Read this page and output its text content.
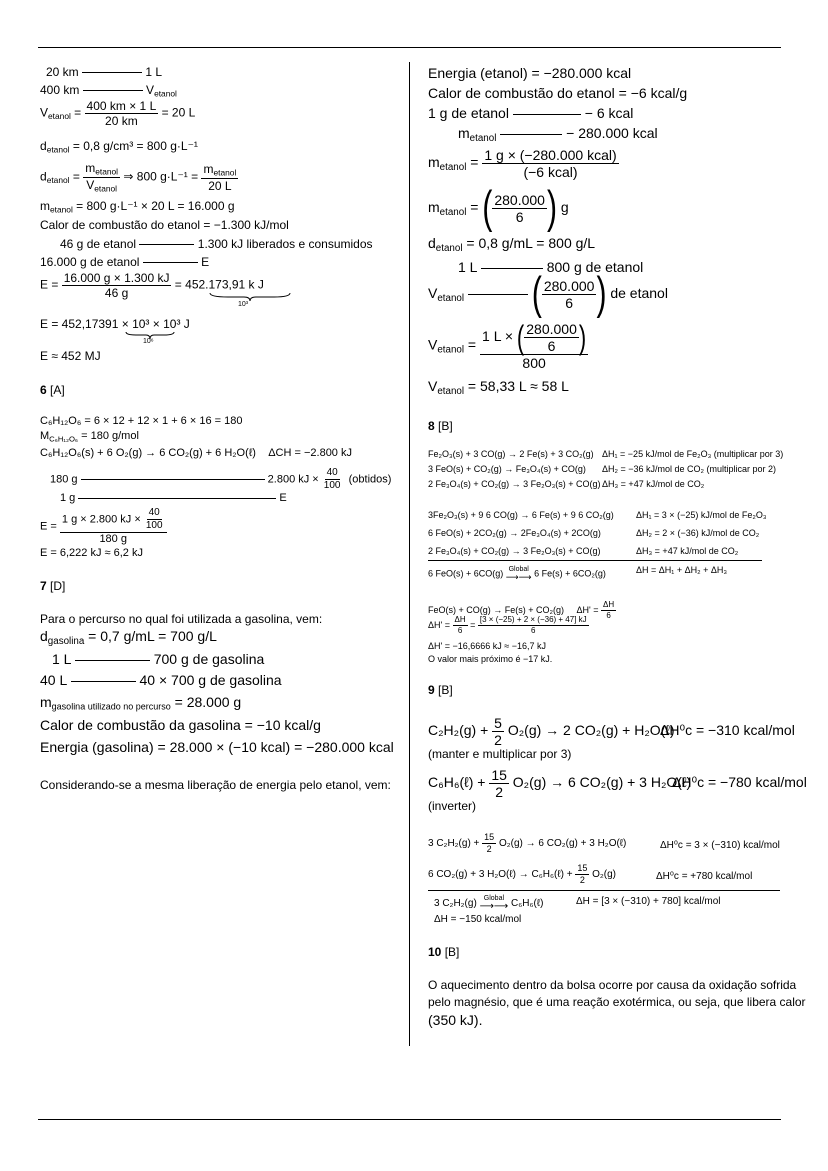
20 km	1 L
400 km	$V_{etanol}$
$V_{etanol} = \frac{400 km \times 1 L}{20 km} = 20$ L
$d_{etanol} = 0,8$ g/cm³ = 800 g·L⁻¹
$d_{etanol} = \frac{m_{etanol}}{V_{etanol}}$ ⇒ 800 $g\cdot L^{-1} = \frac{m_{etanol}}{20 L}$
$m_{etanol} = 800$ g·L⁻¹ × 20 L = 16.000 g
Calor de combustão do etanol = −1.300 kJ/mol
46 g de etanol	1.300 kJ liberados e consumidos
16.000 g de etanol	E
$E = \frac{16.000 g \times 1.300 kJ}{46 g} = 452.173,91$ k J
10³
E = 452,17391 × 10³ × 10³ J
10⁶
E ≈ 452 MJ
6 [A]
C₆H₁₂O₆ = 6 × 12 + 12 × 1 + 6 × 16 = 180
$M_{C_6H_{12}O_6} = 180$ g/mol
C₆H₁₂O₆(s) + 6 O₂(g) → 6 CO₂(g) + 6 H₂O(ℓ) ΔCH = −2.800 kJ
180 g	2.800 kJ × $\frac{40}{100}$ (obtidos)
1 g	E
$E = \frac{1 g \times 2.800 kJ \times \frac{40}{100}}{180 g}$
E = 6,222 kJ ≈ 6,2 kJ
7 [D]
Para o percurso no qual foi utilizada a gasolina, vem:
$d_{gasolina} = 0,7$ g/mL = 700 g/L
1 L	700 g de gasolina
40 L	40 × 700 g de gasolina
$m_{gasolina utilizado no percurso} = 28.000$ g
Calor de combustão da gasolina = −10 kcal/g
Energia (gasolina) = 28.000 × (−10 kcal) = −280.000 kcal
Considerando-se a mesma liberação de energia pelo etanol, vem:
Energia (etanol) = −280.000 kcal
Calor de combustão do etanol = −6 kcal/g
1 g de etanol	− 6 kcal
$m_{etanol}$	− 280.000 kcal
$m_{etanol} = \frac{\text{1 g × (−280.000 kcal)}}{\text{(−6 kcal)}}$
$m_{etanol}$ = ( $\frac{280.000}{6}$ ) g
$d_{etanol} = 0,8$ g/mL = 800 g/L
1 L	800 g de etanol
$V_{etanol}$ ( $\frac{280.000}{6}$ ) de etanol
$V_{etanol} = \frac{1 L \times ( \frac{280.000}{6} )}{800}$
$V_{etanol} = 58,33$ L ≈ 58 L
8 [B]
Fe₂O₃(s) + 3 CO(g) → 2 Fe(s) + 3 CO₂(g) ΔH₁ = −25 kJ/mol de Fe₂O₃ (multiplicar por 3)
3 FeO(s) + CO₂(g) → Fe₃O₄(s) + CO(g) ΔH₂ = −36 kJ/mol de CO₂ (multiplicar por 2)
2 Fe₃O₄(s) + CO₂(g) → 3 Fe₂O₃(s) + CO(g) ΔH₃ = +47 kJ/mol de CO₂
3Fe₂O₃(s) + 9 6 CO(g) → 6 Fe(s) + 9 6 CO₂(g) ΔH₁ = 3 × (−25) kJ/mol de Fe₂O₃
6 FeO(s) + 2CO₂(g) → 2Fe₃O₄(s) + 2CO(g)	ΔH₂ = 2 × (−36) kJ/mol de CO₂
2 Fe₃O₄(s) + CO₂(g) → 3 Fe₂O₃(s) + CO(g)	ΔH₃ = +47 kJ/mol de CO₂
6 FeO(s) + 6CO(g) Global
⟶⟶ 6 Fe(s) + 6CO₂(g)	ΔH = ΔH₁ + ΔH₂ + ΔH₃
FeO(s) + CO(g) → Fe(s) + CO₂(g) $\Delta H' = \frac{\Delta H}{6}$
$\Delta H' = \frac{\Delta H}{6} = \frac{[3 \times (-25) + 2 \times (-36) + 47] kJ}{6}$
ΔH' = −16,6666 kJ ≈ −16,7 kJ
O valor mais próximo é −17 kJ.
9 [B]
$C_2H_2(g) + \frac{5}{2} O_2(g) \to 2$ CO₂(g) + H₂O(ℓ)
ΔH⁰c = −310 kcal/mol
(manter e multiplicar por 3)
C₆H₆(ℓ) + $\frac{15}{2} O_2(g) \to 6$ CO₂(g) + 3 H₂O(ℓ)
ΔH⁰c = −780 kcal/mol
(inverter)
3 $C_2H_2(g) + \frac{15}{2} O_2(g) \to 6$ CO₂(g) + 3 H₂O(ℓ)	ΔH⁰c = 3 × (−310) kcal/mol
6 CO₂(g) + 3 H₂O(ℓ) → C₆H₆(ℓ) + $\frac{15}{2} O_2(g)$	ΔH⁰c = +780 kcal/mol
3 C₂H₂(g) Global
⟶⟶ C₆H₆(ℓ)	ΔH = [3 × (−310) + 780] kcal/mol
ΔH = −150 kcal/mol
10 [B]
O aquecimento dentro da bolsa ocorre por causa da oxidação sofrida
pelo magnésio, que é uma reação exotérmica, ou seja, que libera calor
(350 kJ).
